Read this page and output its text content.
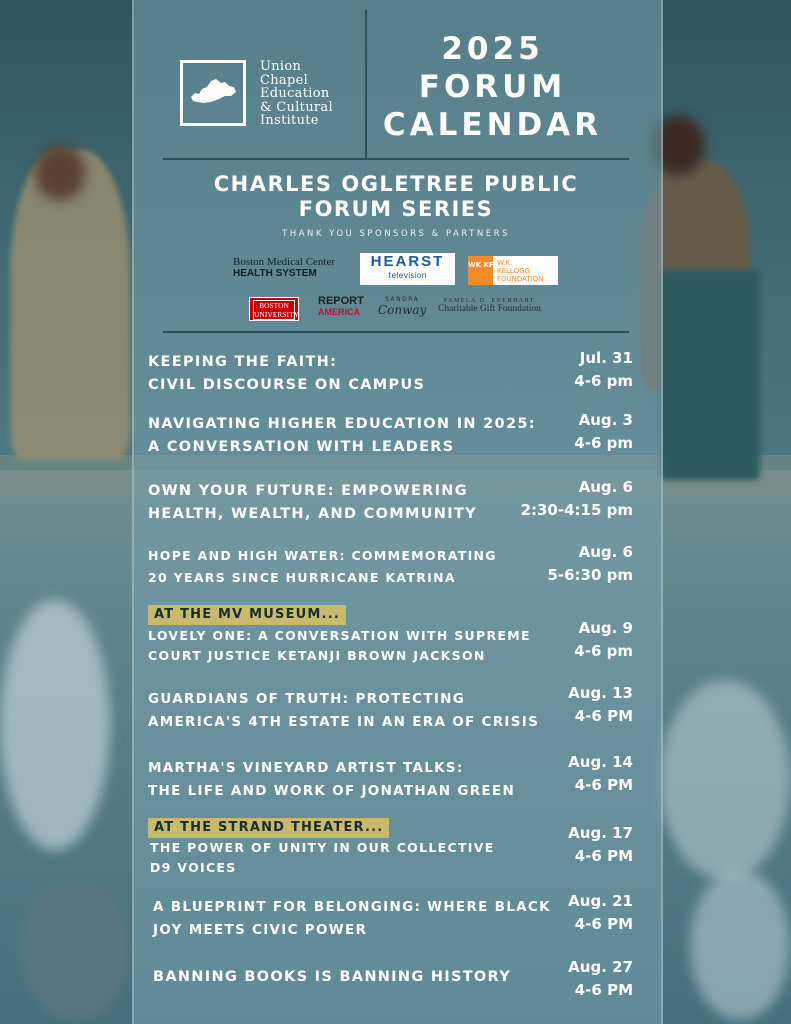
Union
Chapel
Education
& Cultural
Institute
2025
FORUM
CALENDAR
CHARLES OGLETREE PUBLIC
FORUM SERIES
THANK YOU SPONSORS & PARTNERS
Boston Medical Center
HEALTH SYSTEM
HEARST
television
WK KF W.K.
KELLOGG
FOUNDATION
BOSTON
UNIVERSITY
REPORT
AMERICA
SANDRA
Conway
PAMELA D. EVERHART
Charitable Gift Foundation
KEEPING THE FAITH:
CIVIL DISCOURSE ON CAMPUS
Jul. 31
4-6 pm
NAVIGATING HIGHER EDUCATION IN 2025:
A CONVERSATION WITH LEADERS
Aug. 3
4-6 pm
OWN YOUR FUTURE: EMPOWERING
HEALTH, WEALTH, AND COMMUNITY
Aug. 6
2:30-4:15 pm
HOPE AND HIGH WATER: COMMEMORATING
20 YEARS SINCE HURRICANE KATRINA
Aug. 6
5-6:30 pm
AT THE MV MUSEUM...
LOVELY ONE: A CONVERSATION WITH SUPREME
COURT JUSTICE KETANJI BROWN JACKSON
Aug. 9
4-6 pm
GUARDIANS OF TRUTH: PROTECTING
AMERICA'S 4TH ESTATE IN AN ERA OF CRISIS
Aug. 13
4-6 PM
MARTHA'S VINEYARD ARTIST TALKS:
THE LIFE AND WORK OF JONATHAN GREEN
Aug. 14
4-6 PM
AT THE STRAND THEATER...
THE POWER OF UNITY IN OUR COLLECTIVE
D9 VOICES
Aug. 17
4-6 PM
A BLUEPRINT FOR BELONGING: WHERE BLACK
JOY MEETS CIVIC POWER
Aug. 21
4-6 PM
BANNING BOOKS IS BANNING HISTORY
Aug. 27
4-6 PM
